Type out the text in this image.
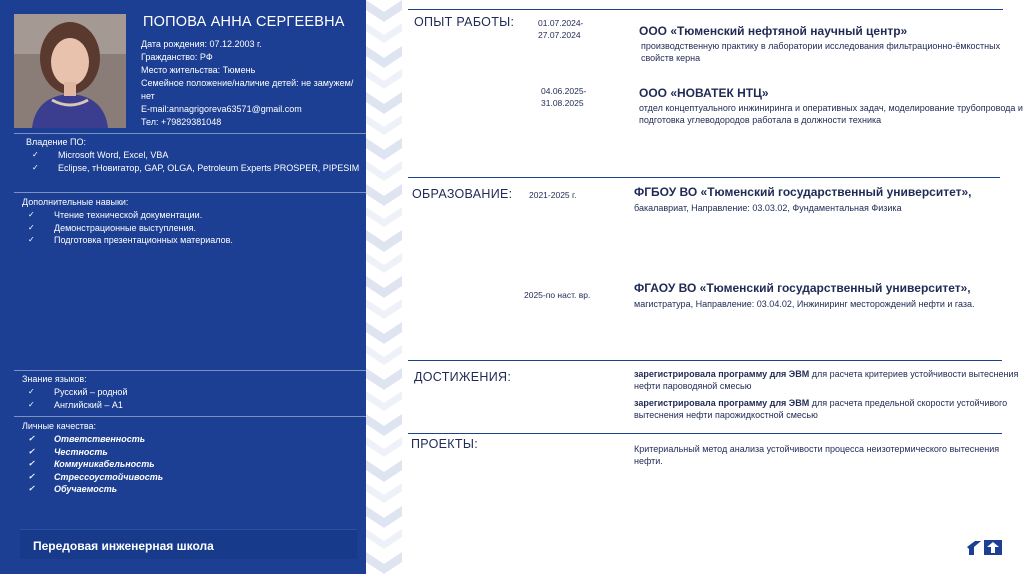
ПОПОВА АННА СЕРГЕЕВНА
Дата рождения: 07.12.2003 г.
Гражданство: РФ
Место жительства: Тюмень
Семейное положение/наличие детей: не замужем/нет
E-mail:annagrigoreva63571@gmail.com
Тел: +79829381048
Владение ПО:
✓ Microsoft Word, Excel, VBA
✓ Eclipse, тНовигатор, GAP, OLGA, Petroleum Experts PROSPER, PIPESIM
Дополнительные навыки:
✓ Чтение технической документации.
✓ Демонстрационные выступления.
✓ Подготовка презентационных материалов.
Знание языков:
✓ Русский – родной
✓ Английский – А1
Личные качества:
✓ Ответственность
✓ Честность
✓ Коммуникабельность
✓ Стрессоустойчивость
✓ Обучаемость
Передовая инженерная школа
ОПЫТ РАБОТЫ:	01.07.2024-
27.07.2024	ООО «Тюменский нефтяной научный центр»
производственную практику в лаборатории исследования фильтрационно-ёмкостных свойств керна
04.06.2025-
31.08.2025
ООО «НОВАТЕК НТЦ»
отдел концептуального инжиниринга и оперативных задач, моделирование трубопровода и подготовка углеводородов работала в должности техника
ОБРАЗОВАНИЕ: 2021-2025 г.	ФГБОУ ВО «Тюменский государственный университет»,
бакалавриат, Направление: 03.03.02, Фундаментальная Физика
2025-по наст. вр.	ФГАОУ ВО «Тюменский государственный университет»,
магистратура, Направление: 03.04.02, Инжиниринг месторождений нефти и газа.
ДОСТИЖЕНИЯ:	зарегистрировала программу для ЭВМ для расчета критериев устойчивости вытеснения нефти пароводяной смесью
зарегистрировала программу для ЭВМ для расчета предельной скорости устойчивого вытеснения нефти парожидкостной смесью
ПРОЕКТЫ:	Критериальный метод анализа устойчивости процесса неизотермического вытеснения нефти.
